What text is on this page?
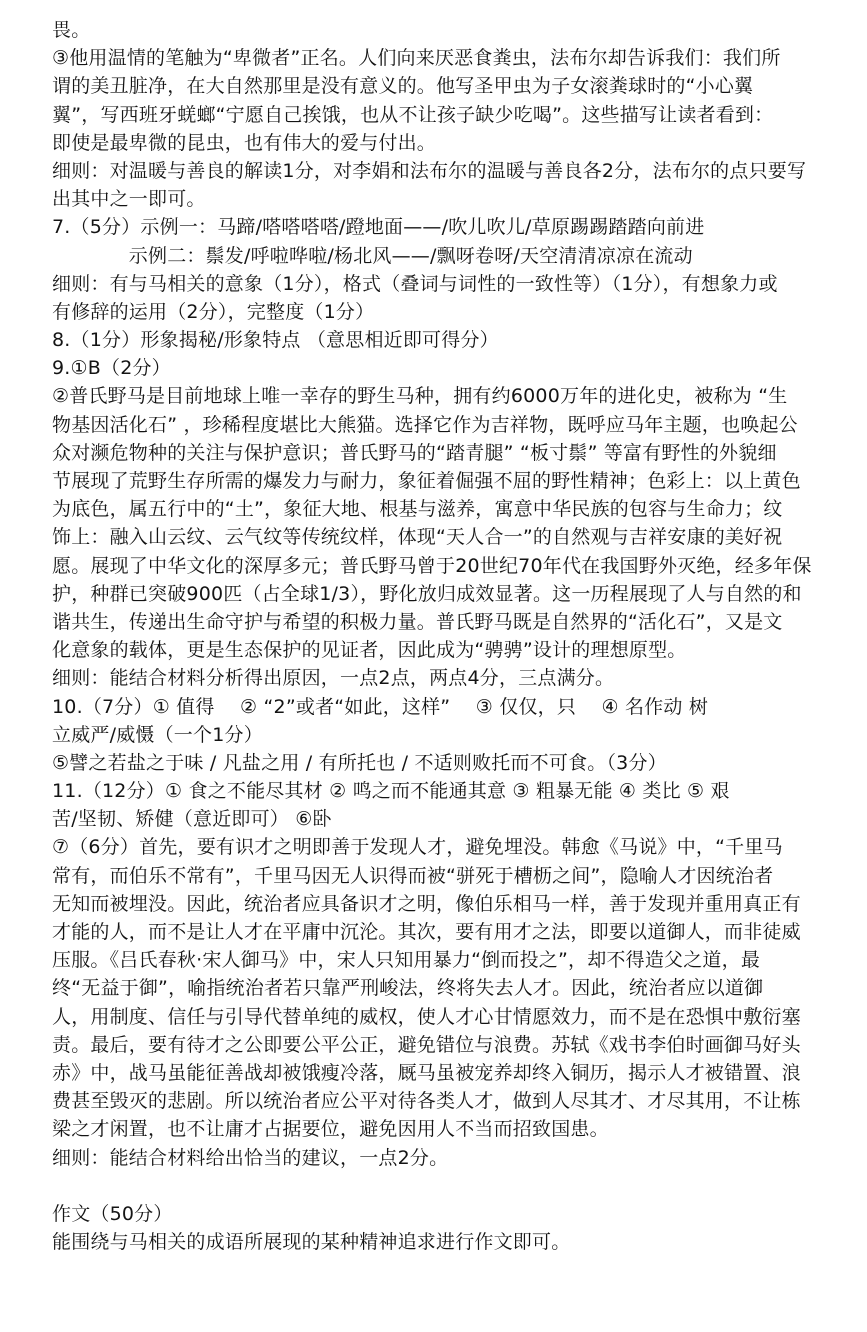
畏。
③他用温情的笔触为“卑微者”正名。人们向来厌恶食粪虫，法布尔却告诉我们：我们所
谓的美丑脏净，在大自然那里是没有意义的。他写圣甲虫为子女滚粪球时的“小心翼
翼”，写西班牙蜣螂“宁愿自己挨饿，也从不让孩子缺少吃喝”。这些描写让读者看到：
即使是最卑微的昆虫，也有伟大的爱与付出。
细则：对温暖与善良的解读1分，对李娟和法布尔的温暖与善良各2分，法布尔的点只要写
出其中之一即可。
7.（5分）示例一：马蹄/嗒嗒嗒嗒/蹬地面——/吹儿吹儿/草原踢踢踏踏向前进
　　　　示例二：鬃发/呼啦哗啦/杨北风——/飘呀卷呀/天空清清凉凉在流动
细则：有与马相关的意象（1分），格式（叠词与词性的一致性等）（1分），有想象力或
有修辞的运用（2分），完整度（1分）
8.（1分）形象揭秘/形象特点 （意思相近即可得分）
9.①B（2分）
②普氏野马是目前地球上唯一幸存的野生马种，拥有约6000万年的进化史，被称为 “生
物基因活化石” ，珍稀程度堪比大熊猫。选择它作为吉祥物，既呼应马年主题，也唤起公
众对濒危物种的关注与保护意识；普氏野马的“踏青腿” “板寸鬃” 等富有野性的外貌细
节展现了荒野生存所需的爆发力与耐力，象征着倔强不屈的野性精神；色彩上：以上黄色
为底色，属五行中的“土”，象征大地、根基与滋养，寓意中华民族的包容与生命力；纹
饰上：融入山云纹、云气纹等传统纹样，体现“天人合一”的自然观与吉祥安康的美好祝
愿。展现了中华文化的深厚多元；普氏野马曾于20世纪70年代在我国野外灭绝，经多年保
护，种群已突破900匹（占全球1/3），野化放归成效显著。这一历程展现了人与自然的和
谐共生，传递出生命守护与希望的积极力量。普氏野马既是自然界的“活化石”，又是文
化意象的载体，更是生态保护的见证者，因此成为“骋骋”设计的理想原型。
细则：能结合材料分析得出原因，一点2点，两点4分，三点满分。
10.（7分）① 值得　 ② “2”或者“如此，这样”　 ③ 仅仅，只　 ④ 名作动 树
立威严/威慑（一个1分）
⑤譬之若盐之于味 / 凡盐之用 / 有所托也 / 不适则败托而不可食。（3分）
11.（12分）① 食之不能尽其材 ② 鸣之而不能通其意 ③ 粗暴无能 ④ 类比 ⑤ 艰
苦/坚韧、矫健（意近即可） ⑥卧
⑦（6分）首先，要有识才之明即善于发现人才，避免埋没。韩愈《马说》中，“千里马
常有，而伯乐不常有”，千里马因无人识得而被“骈死于槽枥之间”，隐喻人才因统治者
无知而被埋没。因此，统治者应具备识才之明，像伯乐相马一样，善于发现并重用真正有
才能的人，而不是让人才在平庸中沉沦。其次，要有用才之法，即要以道御人，而非徒威
压服。《吕氏春秋·宋人御马》中，宋人只知用暴力“倒而投之”，却不得造父之道，最
终“无益于御”，喻指统治者若只靠严刑峻法，终将失去人才。因此，统治者应以道御
人，用制度、信任与引导代替单纯的威权，使人才心甘情愿效力，而不是在恐惧中敷衍塞
责。最后，要有待才之公即要公平公正，避免错位与浪费。苏轼《戏书李伯时画御马好头
赤》中，战马虽能征善战却被饿瘦冷落，厩马虽被宠养却终入铜历，揭示人才被错置、浪
费甚至毁灭的悲剧。所以统治者应公平对待各类人才，做到人尽其才、才尽其用，不让栋
梁之才闲置，也不让庸才占据要位，避免因用人不当而招致国患。
细则：能结合材料给出恰当的建议，一点2分。
作文（50分）
能围绕与马相关的成语所展现的某种精神追求进行作文即可。
